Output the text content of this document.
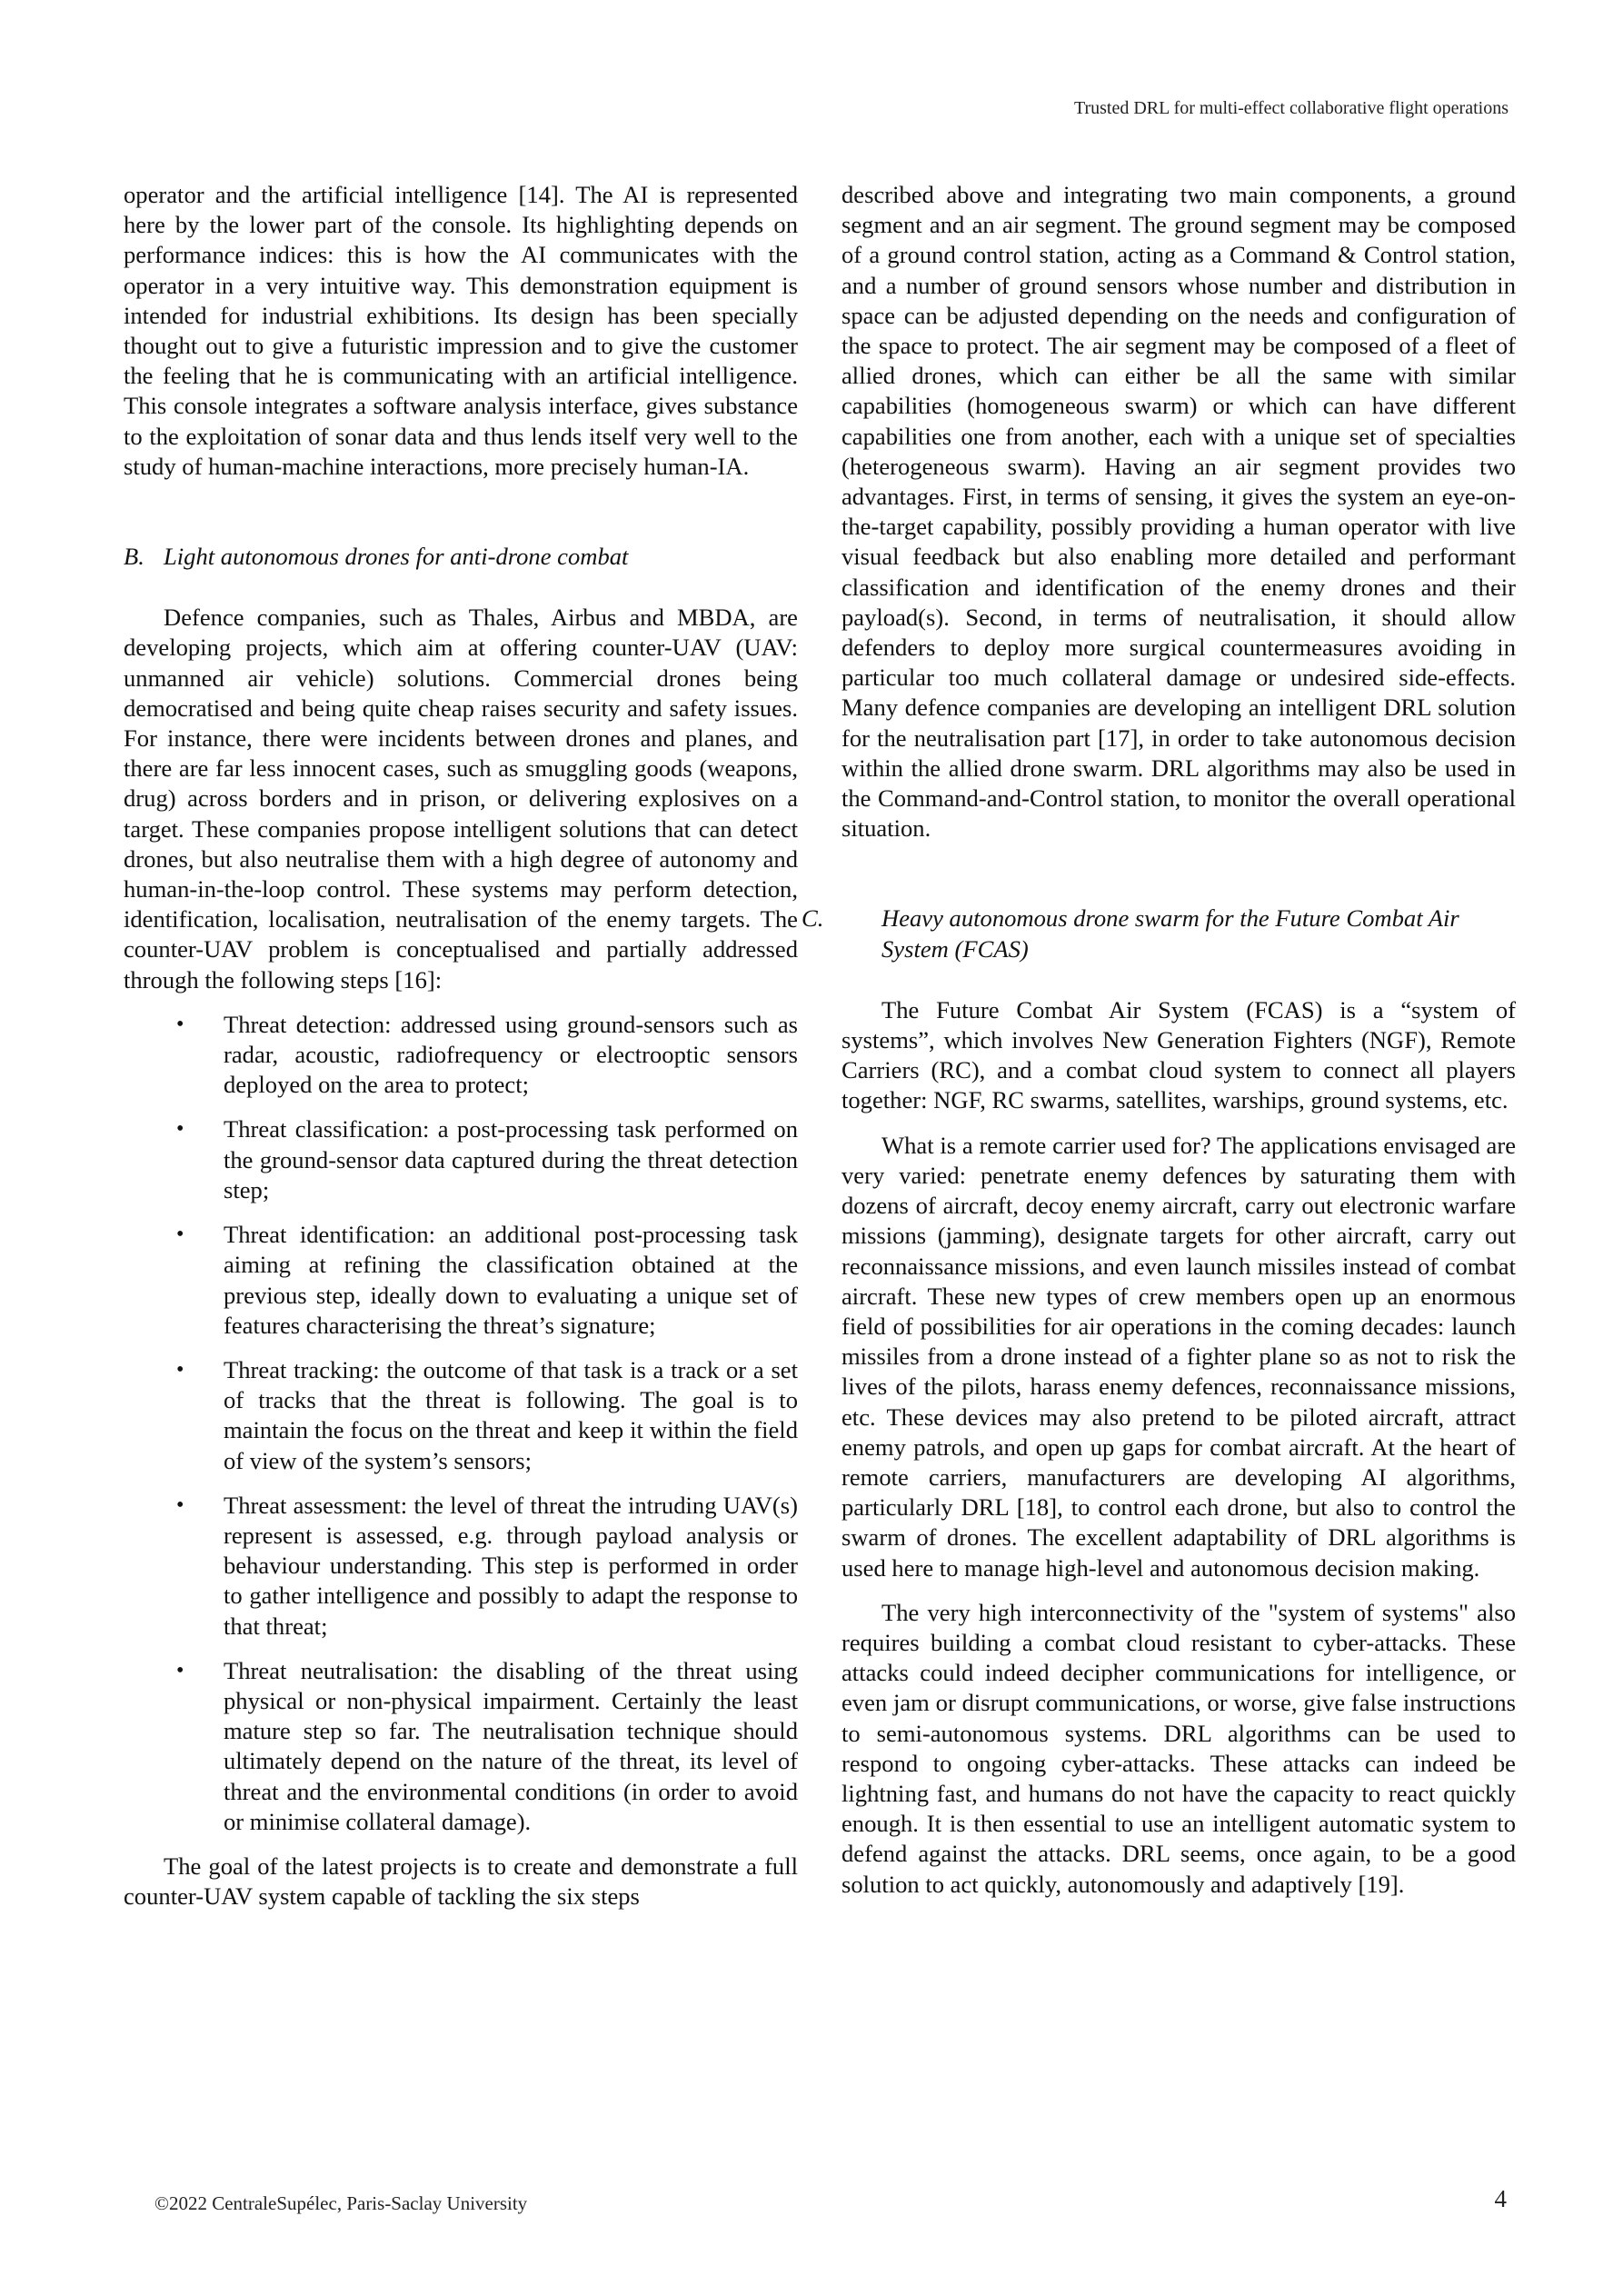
Trusted DRL for multi-effect collaborative flight operations

operator and the artificial intelligence [14]. The AI is represented here by the lower part of the console. Its highlighting depends on performance indices: this is how the AI communicates with the operator in a very intuitive way. This demonstration equipment is intended for industrial exhibitions. Its design has been specially thought out to give a futuristic impression and to give the customer the feeling that he is communicating with an artificial intelligence. This console integrates a software analysis interface, gives substance to the exploitation of sonar data and thus lends itself very well to the study of human-machine interactions, more precisely human-IA.

B. Light autonomous drones for anti-drone combat

Defence companies, such as Thales, Airbus and MBDA, are developing projects, which aim at offering counter-UAV (UAV: unmanned air vehicle) solutions. Commercial drones being democratised and being quite cheap raises security and safety issues. For instance, there were incidents between drones and planes, and there are far less innocent cases, such as smuggling goods (weapons, drug) across borders and in prison, or delivering explosives on a target. These companies propose intelligent solutions that can detect drones, but also neutralise them with a high degree of autonomy and human-in-the-loop control. These systems may perform detection, identification, localisation, neutralisation of the enemy targets. The counter-UAV problem is conceptualised and partially addressed through the following steps [16]:

• Threat detection: addressed using ground-sensors such as radar, acoustic, radiofrequency or electrooptic sensors deployed on the area to protect;
• Threat classification: a post-processing task performed on the ground-sensor data captured during the threat detection step;
• Threat identification: an additional post-processing task aiming at refining the classification obtained at the previous step, ideally down to evaluating a unique set of features characterising the threat’s signature;
• Threat tracking: the outcome of that task is a track or a set of tracks that the threat is following. The goal is to maintain the focus on the threat and keep it within the field of view of the system’s sensors;
• Threat assessment: the level of threat the intruding UAV(s) represent is assessed, e.g. through payload analysis or behaviour understanding. This step is performed in order to gather intelligence and possibly to adapt the response to that threat;
• Threat neutralisation: the disabling of the threat using physical or non-physical impairment. Certainly the least mature step so far. The neutralisation technique should ultimately depend on the nature of the threat, its level of threat and the environmental conditions (in order to avoid or minimise collateral damage).

The goal of the latest projects is to create and demonstrate a full counter-UAV system capable of tackling the six steps

described above and integrating two main components, a ground segment and an air segment. The ground segment may be composed of a ground control station, acting as a Command & Control station, and a number of ground sensors whose number and distribution in space can be adjusted depending on the needs and configuration of the space to protect. The air segment may be composed of a fleet of allied drones, which can either be all the same with similar capabilities (homogeneous swarm) or which can have different capabilities one from another, each with a unique set of specialties (heterogeneous swarm). Having an air segment provides two advantages. First, in terms of sensing, it gives the system an eye-on-the-target capability, possibly providing a human operator with live visual feedback but also enabling more detailed and performant classification and identification of the enemy drones and their payload(s). Second, in terms of neutralisation, it should allow defenders to deploy more surgical countermeasures avoiding in particular too much collateral damage or undesired side-effects. Many defence companies are developing an intelligent DRL solution for the neutralisation part [17], in order to take autonomous decision within the allied drone swarm. DRL algorithms may also be used in the Command-and-Control station, to monitor the overall operational situation.

C. Heavy autonomous drone swarm for the Future Combat Air System (FCAS)

The Future Combat Air System (FCAS) is a “system of systems”, which involves New Generation Fighters (NGF), Remote Carriers (RC), and a combat cloud system to connect all players together: NGF, RC swarms, satellites, warships, ground systems, etc.

What is a remote carrier used for? The applications envisaged are very varied: penetrate enemy defences by saturating them with dozens of aircraft, decoy enemy aircraft, carry out electronic warfare missions (jamming), designate targets for other aircraft, carry out reconnaissance missions, and even launch missiles instead of combat aircraft. These new types of crew members open up an enormous field of possibilities for air operations in the coming decades: launch missiles from a drone instead of a fighter plane so as not to risk the lives of the pilots, harass enemy defences, reconnaissance missions, etc. These devices may also pretend to be piloted aircraft, attract enemy patrols, and open up gaps for combat aircraft. At the heart of remote carriers, manufacturers are developing AI algorithms, particularly DRL [18], to control each drone, but also to control the swarm of drones. The excellent adaptability of DRL algorithms is used here to manage high-level and autonomous decision making.

The very high interconnectivity of the "system of systems" also requires building a combat cloud resistant to cyber-attacks. These attacks could indeed decipher communications for intelligence, or even jam or disrupt communications, or worse, give false instructions to semi-autonomous systems. DRL algorithms can be used to respond to ongoing cyber-attacks. These attacks can indeed be lightning fast, and humans do not have the capacity to react quickly enough. It is then essential to use an intelligent automatic system to defend against the attacks. DRL seems, once again, to be a good solution to act quickly, autonomously and adaptively [19].

©2022 CentraleSupélec, Paris-Saclay University	4
